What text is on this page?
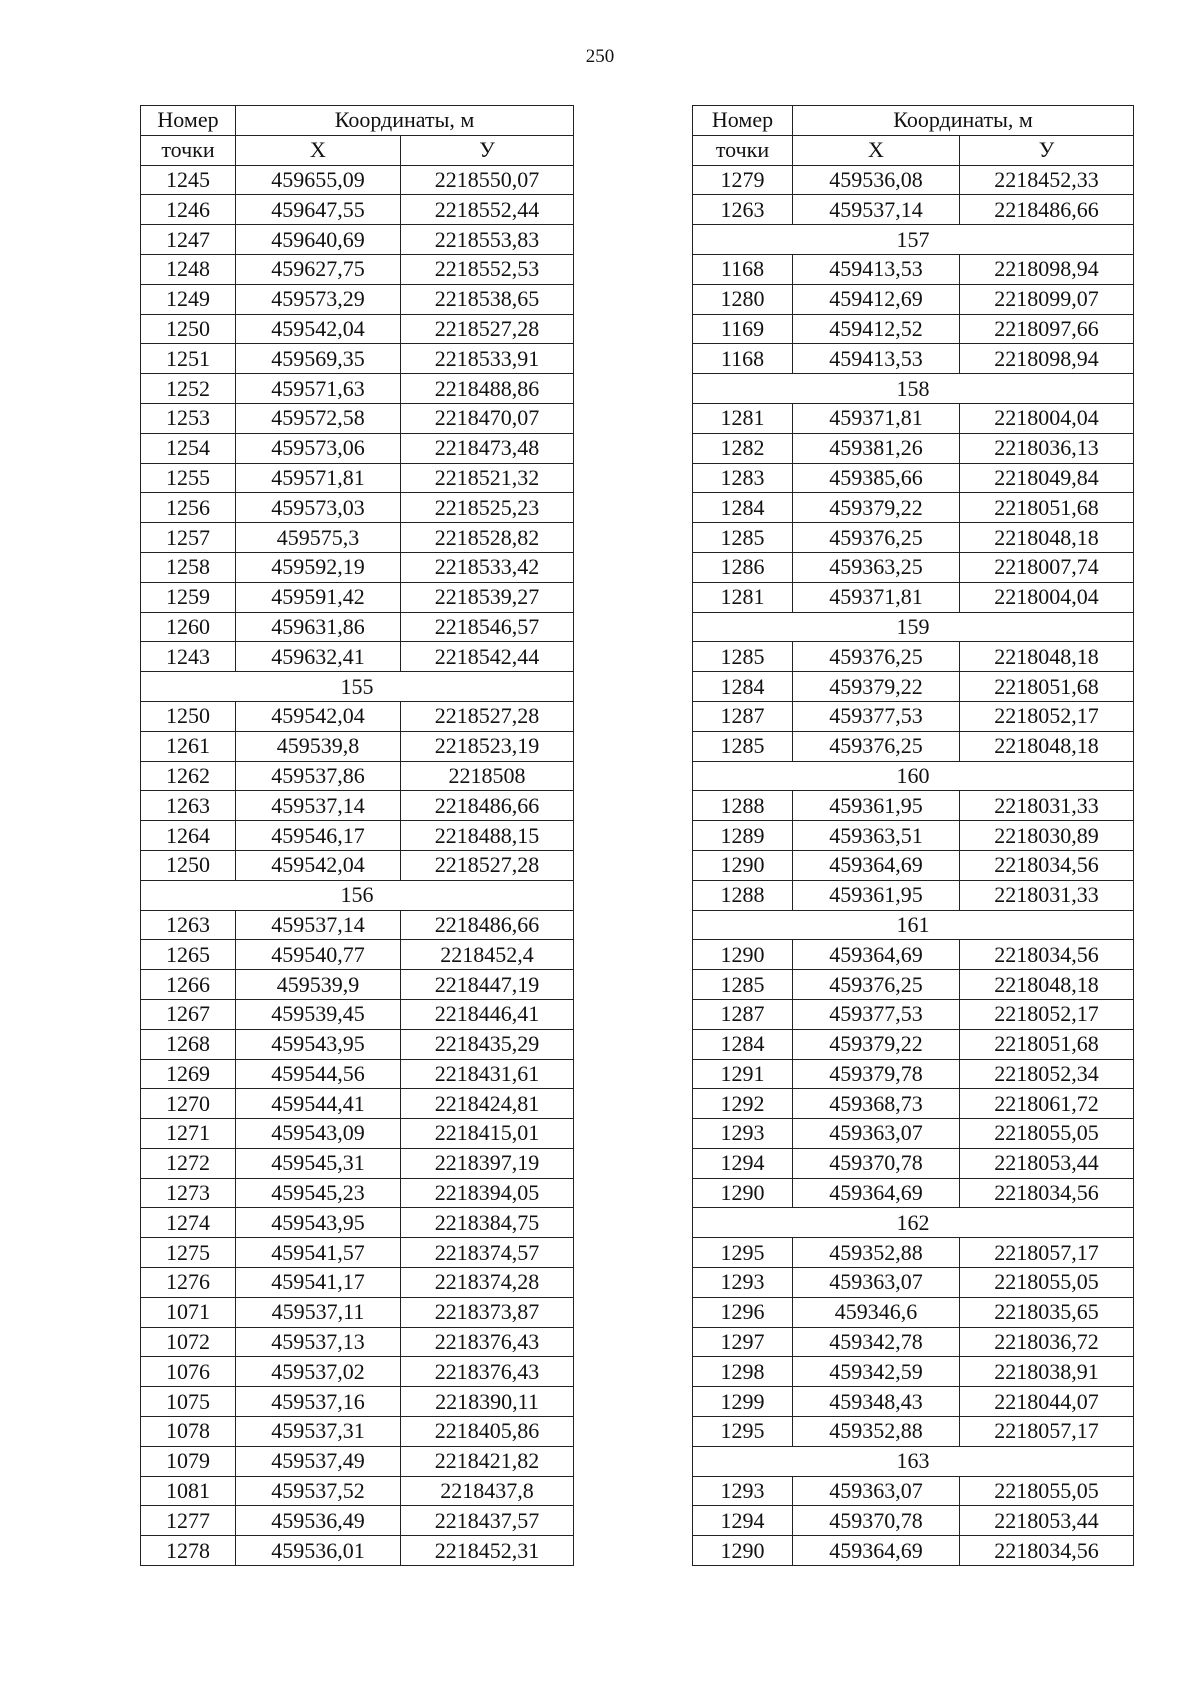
250
Номер	Координаты, м	
точки	Х	У
1245	459655,09	2218550,07
1246	459647,55	2218552,44
1247	459640,69	2218553,83
1248	459627,75	2218552,53
1249	459573,29	2218538,65
1250	459542,04	2218527,28
1251	459569,35	2218533,91
1252	459571,63	2218488,86
1253	459572,58	2218470,07
1254	459573,06	2218473,48
1255	459571,81	2218521,32
1256	459573,03	2218525,23
1257	459575,3	2218528,82
1258	459592,19	2218533,42
1259	459591,42	2218539,27
1260	459631,86	2218546,57
1243	459632,41	2218542,44
155		
1250	459542,04	2218527,28
1261	459539,8	2218523,19
1262	459537,86	2218508
1263	459537,14	2218486,66
1264	459546,17	2218488,15
1250	459542,04	2218527,28
156		
1263	459537,14	2218486,66
1265	459540,77	2218452,4
1266	459539,9	2218447,19
1267	459539,45	2218446,41
1268	459543,95	2218435,29
1269	459544,56	2218431,61
1270	459544,41	2218424,81
1271	459543,09	2218415,01
1272	459545,31	2218397,19
1273	459545,23	2218394,05
1274	459543,95	2218384,75
1275	459541,57	2218374,57
1276	459541,17	2218374,28
1071	459537,11	2218373,87
1072	459537,13	2218376,43
1076	459537,02	2218376,43
1075	459537,16	2218390,11
1078	459537,31	2218405,86
1079	459537,49	2218421,82
1081	459537,52	2218437,8
1277	459536,49	2218437,57
1278	459536,01	2218452,31
Номер	Координаты, м	
точки	Х	У
1279	459536,08	2218452,33
1263	459537,14	2218486,66
157		
1168	459413,53	2218098,94
1280	459412,69	2218099,07
1169	459412,52	2218097,66
1168	459413,53	2218098,94
158		
1281	459371,81	2218004,04
1282	459381,26	2218036,13
1283	459385,66	2218049,84
1284	459379,22	2218051,68
1285	459376,25	2218048,18
1286	459363,25	2218007,74
1281	459371,81	2218004,04
159		
1285	459376,25	2218048,18
1284	459379,22	2218051,68
1287	459377,53	2218052,17
1285	459376,25	2218048,18
160		
1288	459361,95	2218031,33
1289	459363,51	2218030,89
1290	459364,69	2218034,56
1288	459361,95	2218031,33
161		
1290	459364,69	2218034,56
1285	459376,25	2218048,18
1287	459377,53	2218052,17
1284	459379,22	2218051,68
1291	459379,78	2218052,34
1292	459368,73	2218061,72
1293	459363,07	2218055,05
1294	459370,78	2218053,44
1290	459364,69	2218034,56
162		
1295	459352,88	2218057,17
1293	459363,07	2218055,05
1296	459346,6	2218035,65
1297	459342,78	2218036,72
1298	459342,59	2218038,91
1299	459348,43	2218044,07
1295	459352,88	2218057,17
163		
1293	459363,07	2218055,05
1294	459370,78	2218053,44
1290	459364,69	2218034,56
